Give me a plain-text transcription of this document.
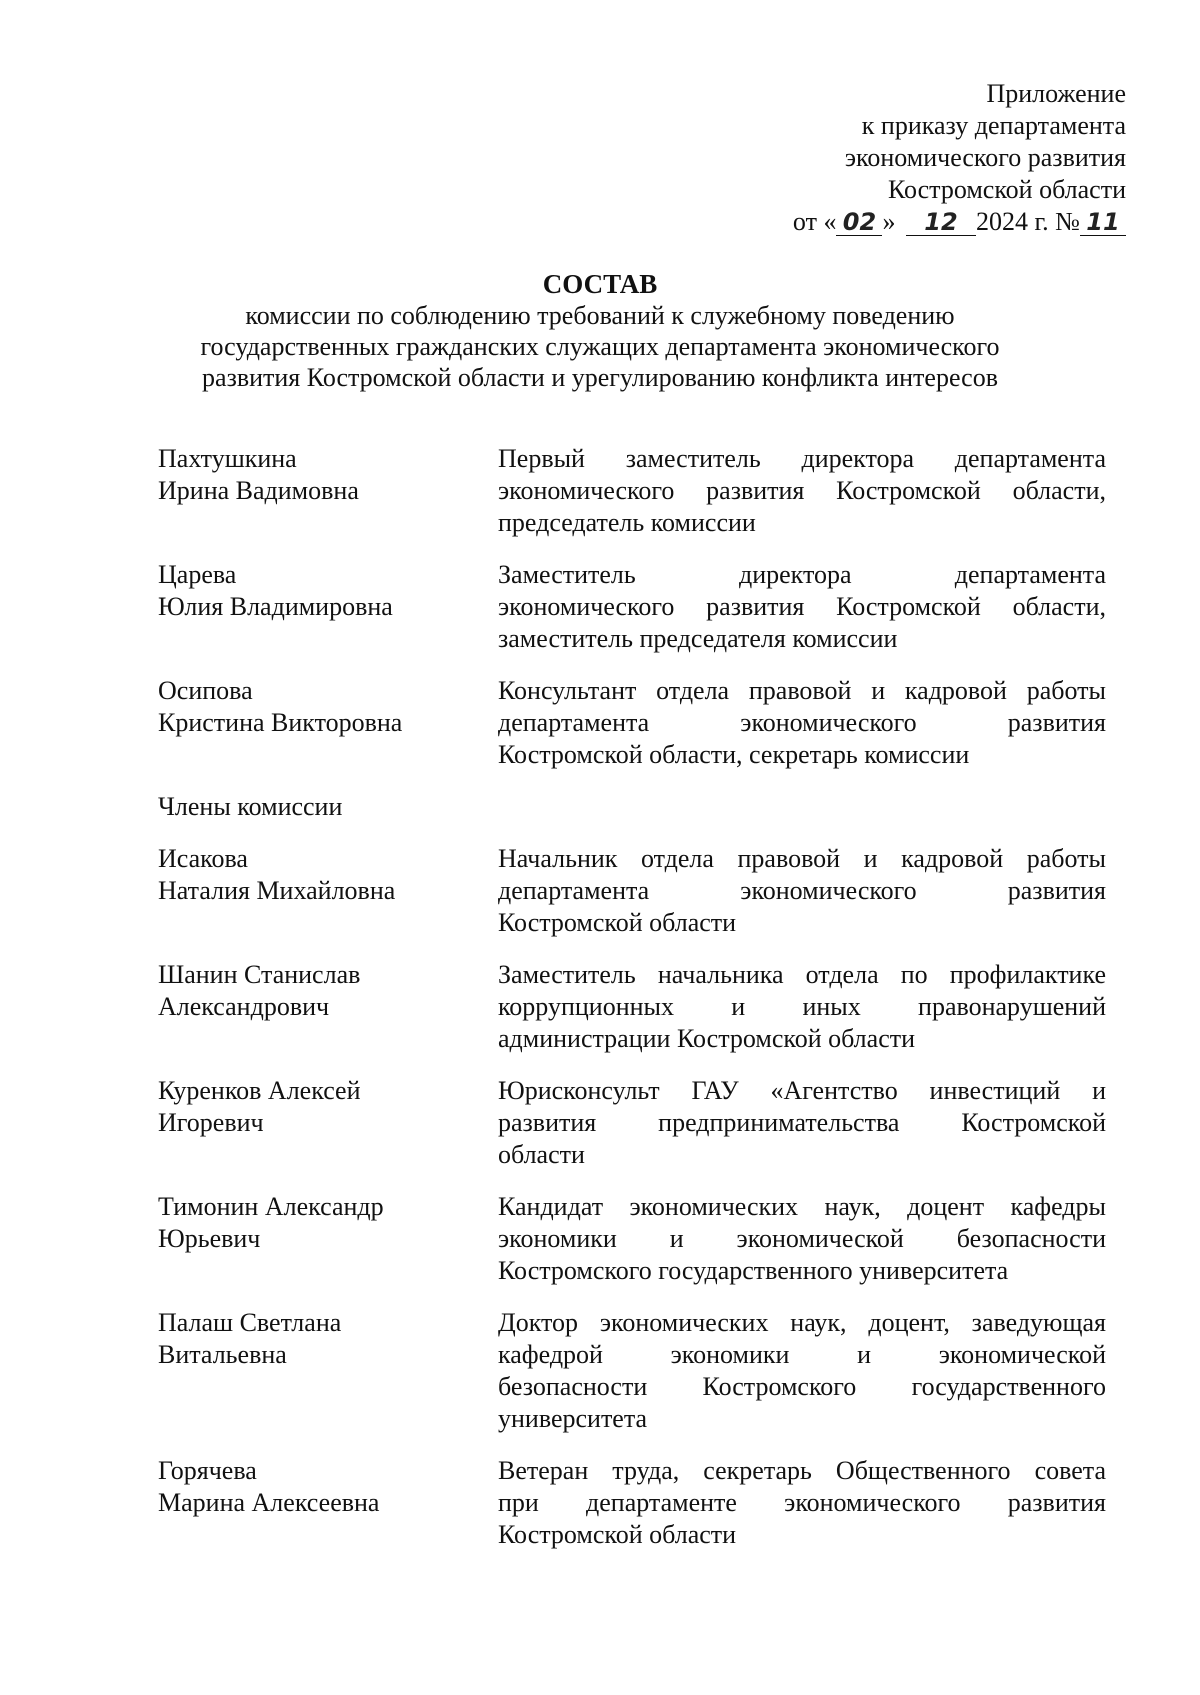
Приложение
к приказу департамента
экономического развития
Костромской области
от « 02 » 12 2024 г. № 11

СОСТАВ

комиссии по соблюдению требований к служебному поведению

государственных гражданских служащих департамента экономического

развития Костромской области и урегулированию конфликта интересов

Пахтушкина
Ирина Вадимовна
Первый заместитель директора департамента
экономического развития Костромской области,
председатель комиссии
Царева
Юлия Владимировна
Заместитель директора департамента
экономического развития Костромской области,
заместитель председателя комиссии
Осипова
Кристина Викторовна
Консультант отдела правовой и кадровой работы
департамента экономического развития
Костромской области, секретарь комиссии
Члены комиссии
Исакова
Наталия Михайловна
Начальник отдела правовой и кадровой работы
департамента экономического развития
Костромской области
Шанин Станислав
Александрович
Заместитель начальника отдела по профилактике
коррупционных и иных правонарушений
администрации Костромской области
Куренков Алексей
Игоревич
Юрисконсульт ГАУ «Агентство инвестиций и
развития предпринимательства Костромской
области
Тимонин Александр
Юрьевич
Кандидат экономических наук, доцент кафедры
экономики и экономической безопасности
Костромского государственного университета
Палаш Светлана
Витальевна
Доктор экономических наук, доцент, заведующая
кафедрой экономики и экономической
безопасности Костромского государственного
университета
Горячева
Марина Алексеевна
Ветеран труда, секретарь Общественного совета
при департаменте экономического развития
Костромской области
